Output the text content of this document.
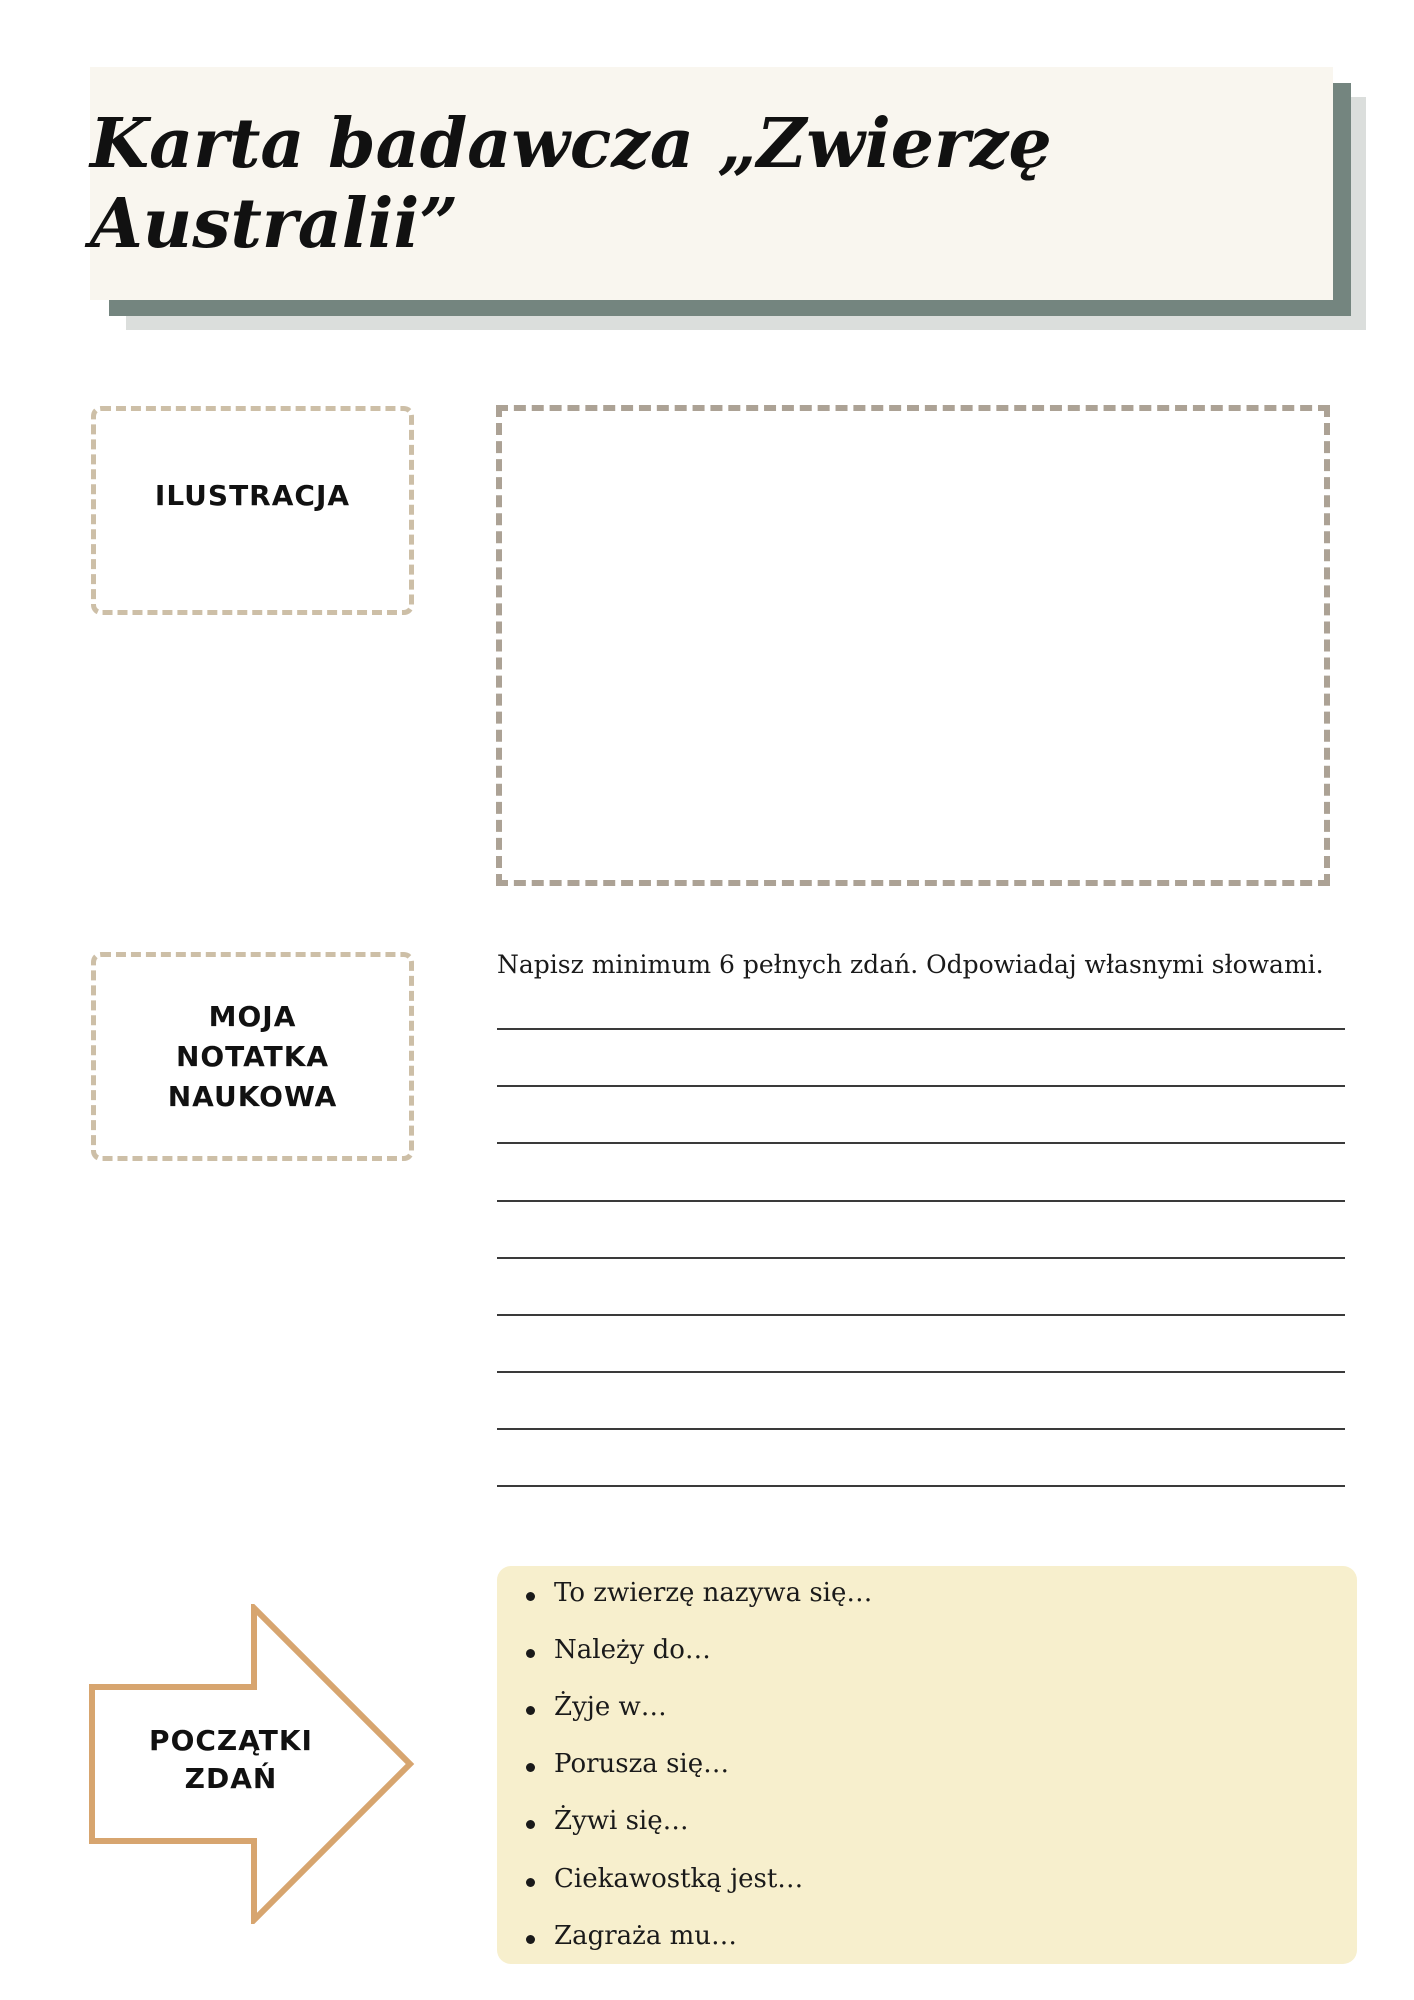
Karta badawcza „Zwierzę Australii”
ILUSTRACJA
MOJA
NOTATKA
NAUKOWA
Napisz minimum 6 pełnych zdań. Odpowiadaj własnymi słowami.
POCZĄTKI
ZDAŃ
To zwierzę nazywa się…
Należy do…
Żyje w…
Porusza się…
Żywi się…
Ciekawostką jest…
Zagraża mu…
